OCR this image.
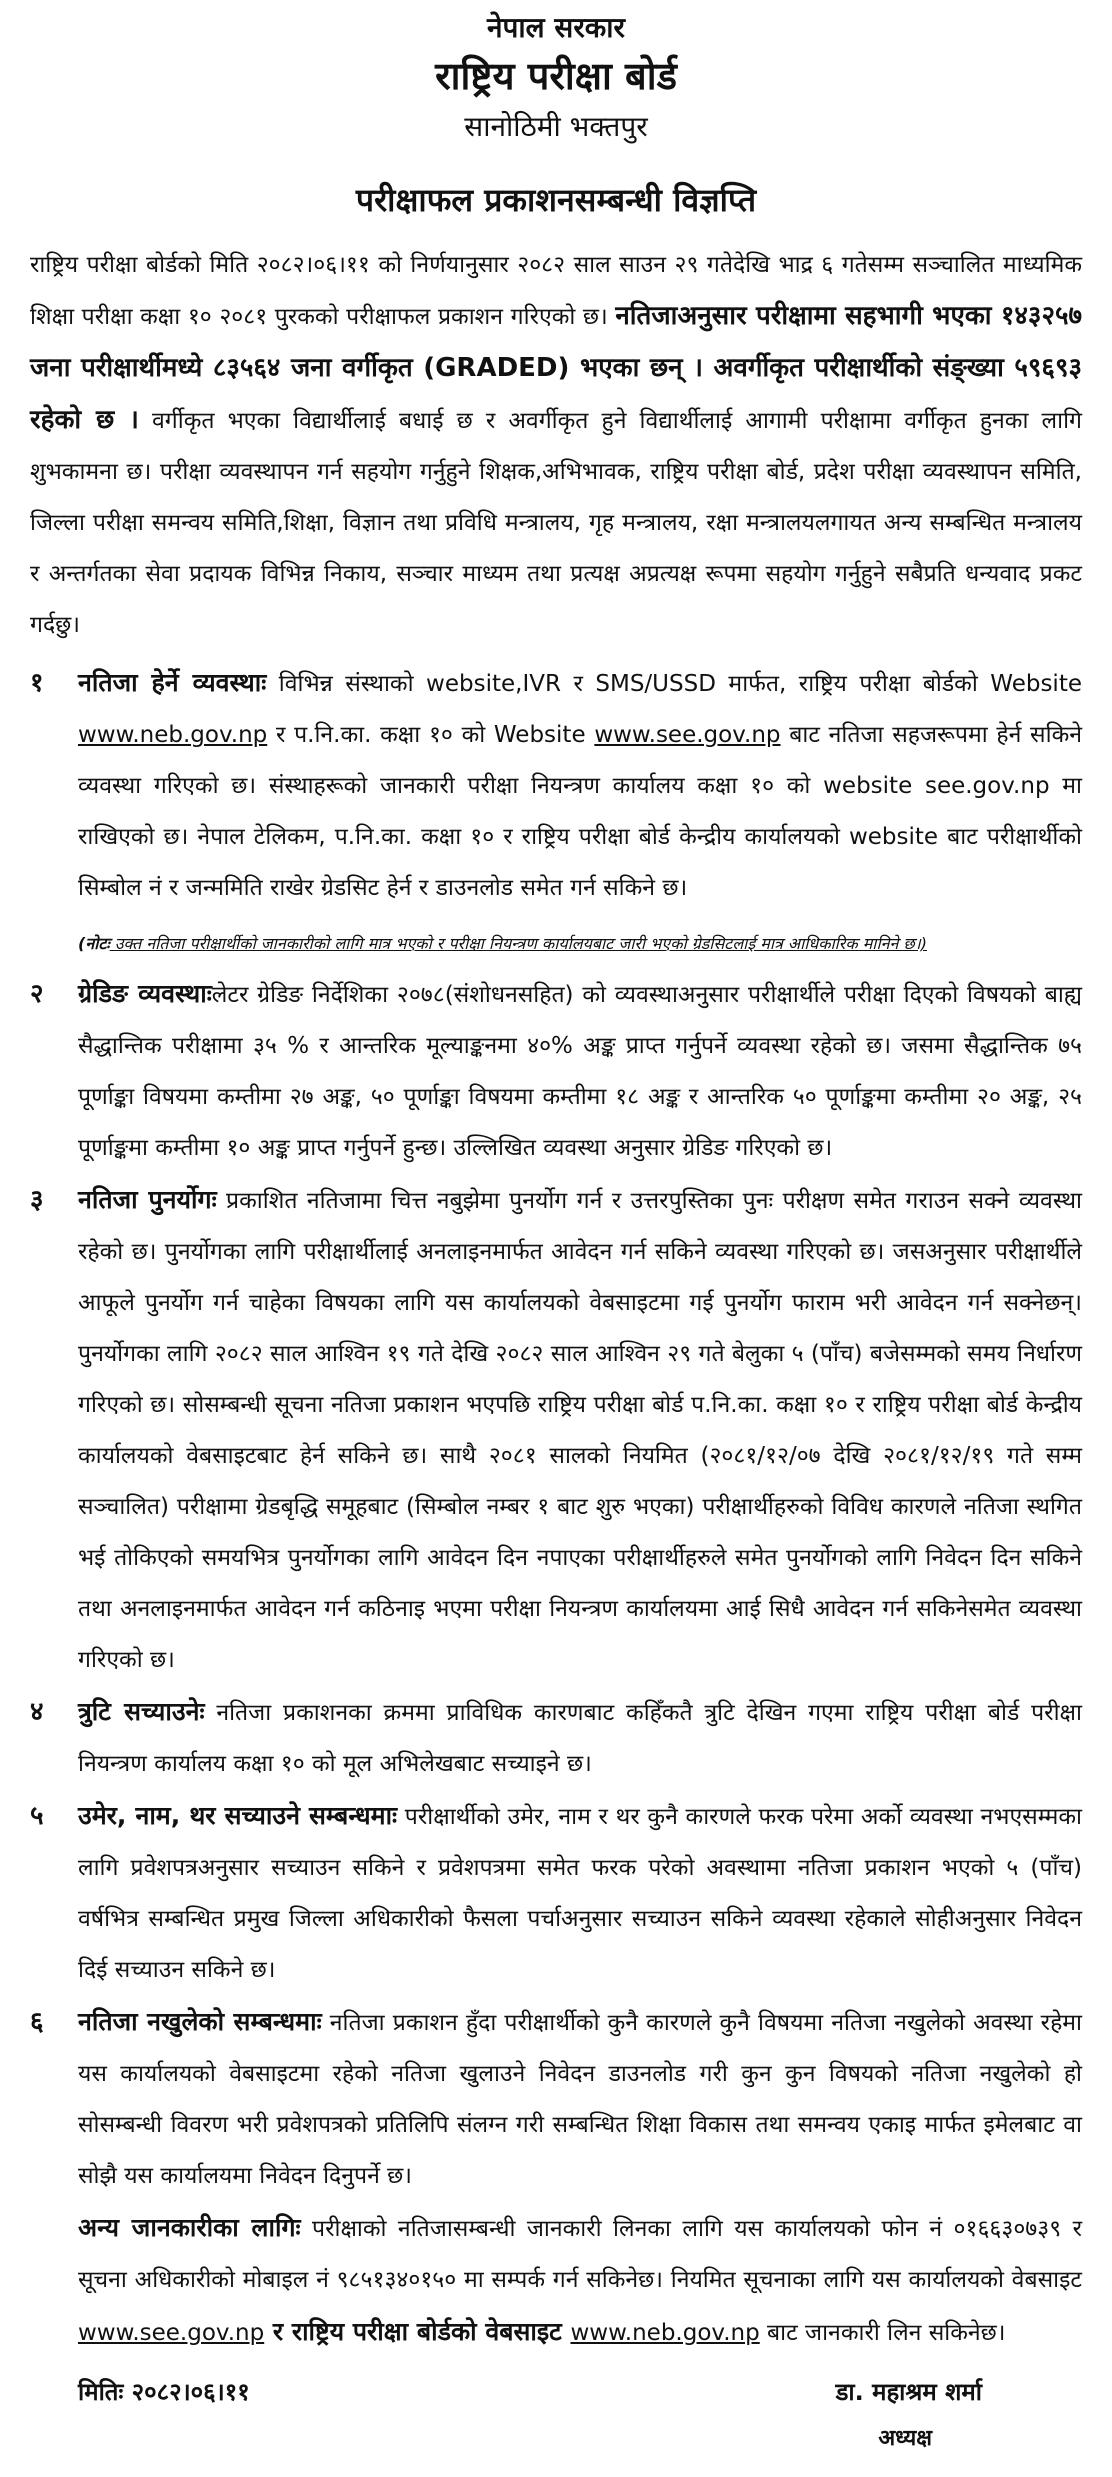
नेपाल सरकार
राष्ट्रिय परीक्षा बोर्ड
सानोठिमी भक्तपुर
परीक्षाफल प्रकाशनसम्बन्धी विज्ञप्ति

राष्ट्रिय परीक्षा बोर्डको मिति २०८२।०६।११ को निर्णयानुसार २०८२ साल साउन २९ गतेदेखि भाद्र ६ गतेसम्म सञ्चालित माध्यमिक शिक्षा परीक्षा कक्षा १० २०८१ पुरकको परीक्षाफल प्रकाशन गरिएको छ। नतिजाअनुसार परीक्षामा सहभागी भएका १४३२५७ जना परीक्षार्थीमध्ये ८३५६४ जना वर्गीकृत (GRADED) भएका छन् । अवर्गीकृत परीक्षार्थीको संङ्ख्या ५९६९३ रहेको छ । वर्गीकृत भएका विद्यार्थीलाई बधाई छ र अवर्गीकृत हुने विद्यार्थीलाई आगामी परीक्षामा वर्गीकृत हुनका लागि शुभकामना छ। परीक्षा व्यवस्थापन गर्न सहयोग गर्नुहुने शिक्षक,अभिभावक, राष्ट्रिय परीक्षा बोर्ड, प्रदेश परीक्षा व्यवस्थापन समिति, जिल्ला परीक्षा समन्वय समिति,शिक्षा, विज्ञान तथा प्रविधि मन्त्रालय, गृह मन्त्रालय, रक्षा मन्त्रालयलगायत अन्य सम्बन्धित मन्त्रालय र अन्तर्गतका सेवा प्रदायक विभिन्न निकाय, सञ्चार माध्यम तथा प्रत्यक्ष अप्रत्यक्ष रूपमा सहयोग गर्नुहुने सबैप्रति धन्यवाद प्रकट गर्दछु।

१	नतिजा हेर्ने व्यवस्थाः विभिन्न संस्थाको website,IVR र SMS/USSD मार्फत, राष्ट्रिय परीक्षा बोर्डको Website www.neb.gov.np र प.नि.का. कक्षा १० को Website www.see.gov.np बाट नतिजा सहजरूपमा हेर्न सकिने व्यवस्था गरिएको छ। संस्थाहरूको जानकारी परीक्षा नियन्त्रण कार्यालय कक्षा १० को website see.gov.np मा राखिएको छ। नेपाल टेलिकम, प.नि.का. कक्षा १० र राष्ट्रिय परीक्षा बोर्ड केन्द्रीय कार्यालयको website बाट परीक्षार्थीको सिम्बोल नं र जन्ममिति राखेर ग्रेडसिट हेर्न र डाउनलोड समेत गर्न सकिने छ।
(नोटः उक्त नतिजा परीक्षार्थीको जानकारीको लागि मात्र भएको र परीक्षा नियन्त्रण कार्यालयबाट जारी भएको ग्रेडसिटलाई मात्र आधिकारिक मानिने छ।)
२	ग्रेडिङ व्यवस्थाःलेटर ग्रेडिङ निर्देशिका २०७८(संशोधनसहित) को व्यवस्थाअनुसार परीक्षार्थीले परीक्षा दिएको विषयको बाह्य सैद्धान्तिक परीक्षामा ३५ % र आन्तरिक मूल्याङ्कनमा ४०% अङ्क प्राप्त गर्नुपर्ने व्यवस्था रहेको छ। जसमा सैद्धान्तिक ७५ पूर्णाङ्का विषयमा कम्तीमा २७ अङ्क, ५० पूर्णाङ्का विषयमा कम्तीमा १८ अङ्क र आन्तरिक ५० पूर्णाङ्कमा कम्तीमा २० अङ्क, २५ पूर्णाङ्कमा कम्तीमा १० अङ्क प्राप्त गर्नुपर्ने हुन्छ। उल्लिखित व्यवस्था अनुसार ग्रेडिङ गरिएको छ।
३	नतिजा पुनर्योगः प्रकाशित नतिजामा चित्त नबुझेमा पुनर्योग गर्न र उत्तरपुस्तिका पुनः परीक्षण समेत गराउन सक्ने व्यवस्था रहेको छ। पुनर्योगका लागि परीक्षार्थीलाई अनलाइनमार्फत आवेदन गर्न सकिने व्यवस्था गरिएको छ। जसअनुसार परीक्षार्थीले आफूले पुनर्योग गर्न चाहेका विषयका लागि यस कार्यालयको वेबसाइटमा गई पुनर्योग फाराम भरी आवेदन गर्न सक्नेछन्। पुनर्योगका लागि २०८२ साल आश्विन १९ गते देखि २०८२ साल आश्विन २९ गते बेलुका ५ (पाँच) बजेसम्मको समय निर्धारण गरिएको छ। सोसम्बन्धी सूचना नतिजा प्रकाशन भएपछि राष्ट्रिय परीक्षा बोर्ड प.नि.का. कक्षा १० र राष्ट्रिय परीक्षा बोर्ड केन्द्रीय कार्यालयको वेबसाइटबाट हेर्न सकिने छ। साथै २०८१ सालको नियमित (२०८१/१२/०७ देखि २०८१/१२/१९ गते सम्म सञ्चालित) परीक्षामा ग्रेडबृद्धि समूहबाट (सिम्बोल नम्बर १ बाट शुरु भएका) परीक्षार्थीहरुको विविध कारणले नतिजा स्थगित भई तोकिएको समयभित्र पुनर्योगका लागि आवेदन दिन नपाएका परीक्षार्थीहरुले समेत पुनर्योगको लागि निवेदन दिन सकिने तथा अनलाइनमार्फत आवेदन गर्न कठिनाइ भएमा परीक्षा नियन्त्रण कार्यालयमा आई सिधै आवेदन गर्न सकिनेसमेत व्यवस्था गरिएको छ।
४	त्रुटि सच्याउनेः नतिजा प्रकाशनका क्रममा प्राविधिक कारणबाट कहिँकतै त्रुटि देखिन गएमा राष्ट्रिय परीक्षा बोर्ड परीक्षा नियन्त्रण कार्यालय कक्षा १० को मूल अभिलेखबाट सच्याइने छ।
५	उमेर, नाम, थर सच्याउने सम्बन्धमाः परीक्षार्थीको उमेर, नाम र थर कुनै कारणले फरक परेमा अर्को व्यवस्था नभएसम्मका लागि प्रवेशपत्रअनुसार सच्याउन सकिने र प्रवेशपत्रमा समेत फरक परेको अवस्थामा नतिजा प्रकाशन भएको ५ (पाँच) वर्षभित्र सम्बन्धित प्रमुख जिल्ला अधिकारीको फैसला पर्चाअनुसार सच्याउन सकिने व्यवस्था रहेकाले सोहीअनुसार निवेदन दिई सच्याउन सकिने छ।
६	नतिजा नखुलेको सम्बन्धमाः नतिजा प्रकाशन हुँदा परीक्षार्थीको कुनै कारणले कुनै विषयमा नतिजा नखुलेको अवस्था रहेमा यस कार्यालयको वेबसाइटमा रहेको नतिजा खुलाउने निवेदन डाउनलोड गरी कुन कुन विषयको नतिजा नखुलेको हो सोसम्बन्धी विवरण भरी प्रवेशपत्रको प्रतिलिपि संलग्न गरी सम्बन्धित शिक्षा विकास तथा समन्वय एकाइ मार्फत इमेलबाट वा सोझै यस कार्यालयमा निवेदन दिनुपर्ने छ।
अन्य जानकारीका लागिः परीक्षाको नतिजासम्बन्धी जानकारी लिनका लागि यस कार्यालयको फोन नं ०१६६३०७३९ र सूचना अधिकारीको मोबाइल नं ९८५१३४०१५० मा सम्पर्क गर्न सकिनेछ। नियमित सूचनाका लागि यस कार्यालयको वेबसाइट www.see.gov.np र राष्ट्रिय परीक्षा बोर्डको वेबसाइट www.neb.gov.np बाट जानकारी लिन सकिनेछ।
मितिः २०८२।०६।११	डा. महाश्रम शर्मा
अध्यक्ष
